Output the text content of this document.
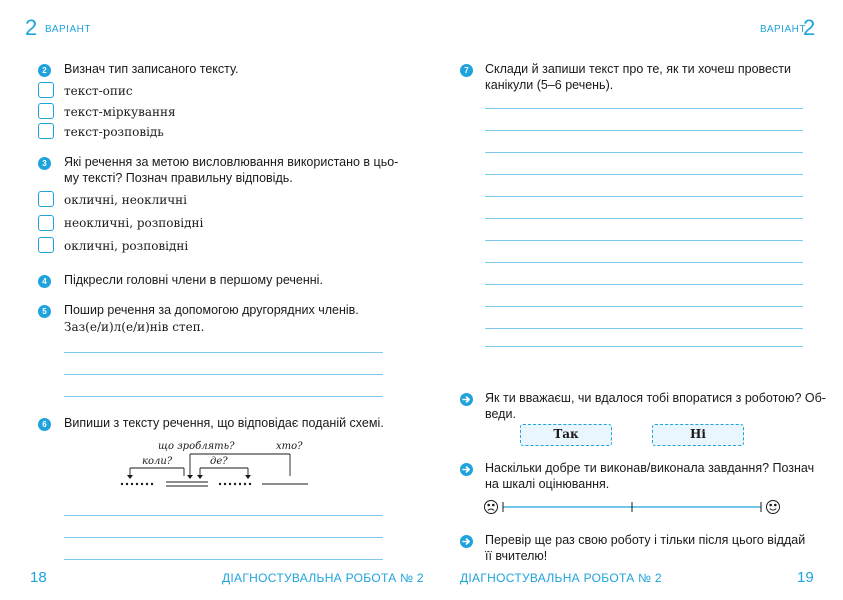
2 ВАРІАНТ	ВАРІАНТ
2
2	Визнач тип записаного тексту.
текст-опис
текст-міркування
текст-розповідь
3	Які речення за метою висловлювання використано в цьо-
му тексті? Познач правильну відповідь.
окличні, неокличні
неокличні, розповідні
окличні, розповідні
4	Підкресли головні члени в першому реченні.
5	Пошир речення за допомогою другорядних членів.
Заз(е/и)л(е/и)нів степ.
6	Випиши з тексту речення, що відповідає поданій схемі.
що зроблять?	хто?
коли?	де?
18	ДІАГНОСТУВАЛЬНА РОБОТА № 2
7	Склади й запиши текст про те, як ти хочеш провести
канікули (5–6 речень).
Як ти вважаєш, чи вдалося тобі впоратися з роботою? Об-
веди.
Так	Ні
Наскільки добре ти виконав/виконала завдання? Познач
на шкалі оцінювання.
Перевір ще раз свою роботу і тільки після цього віддай
її вчителю!
ДІАГНОСТУВАЛЬНА РОБОТА № 2	19
